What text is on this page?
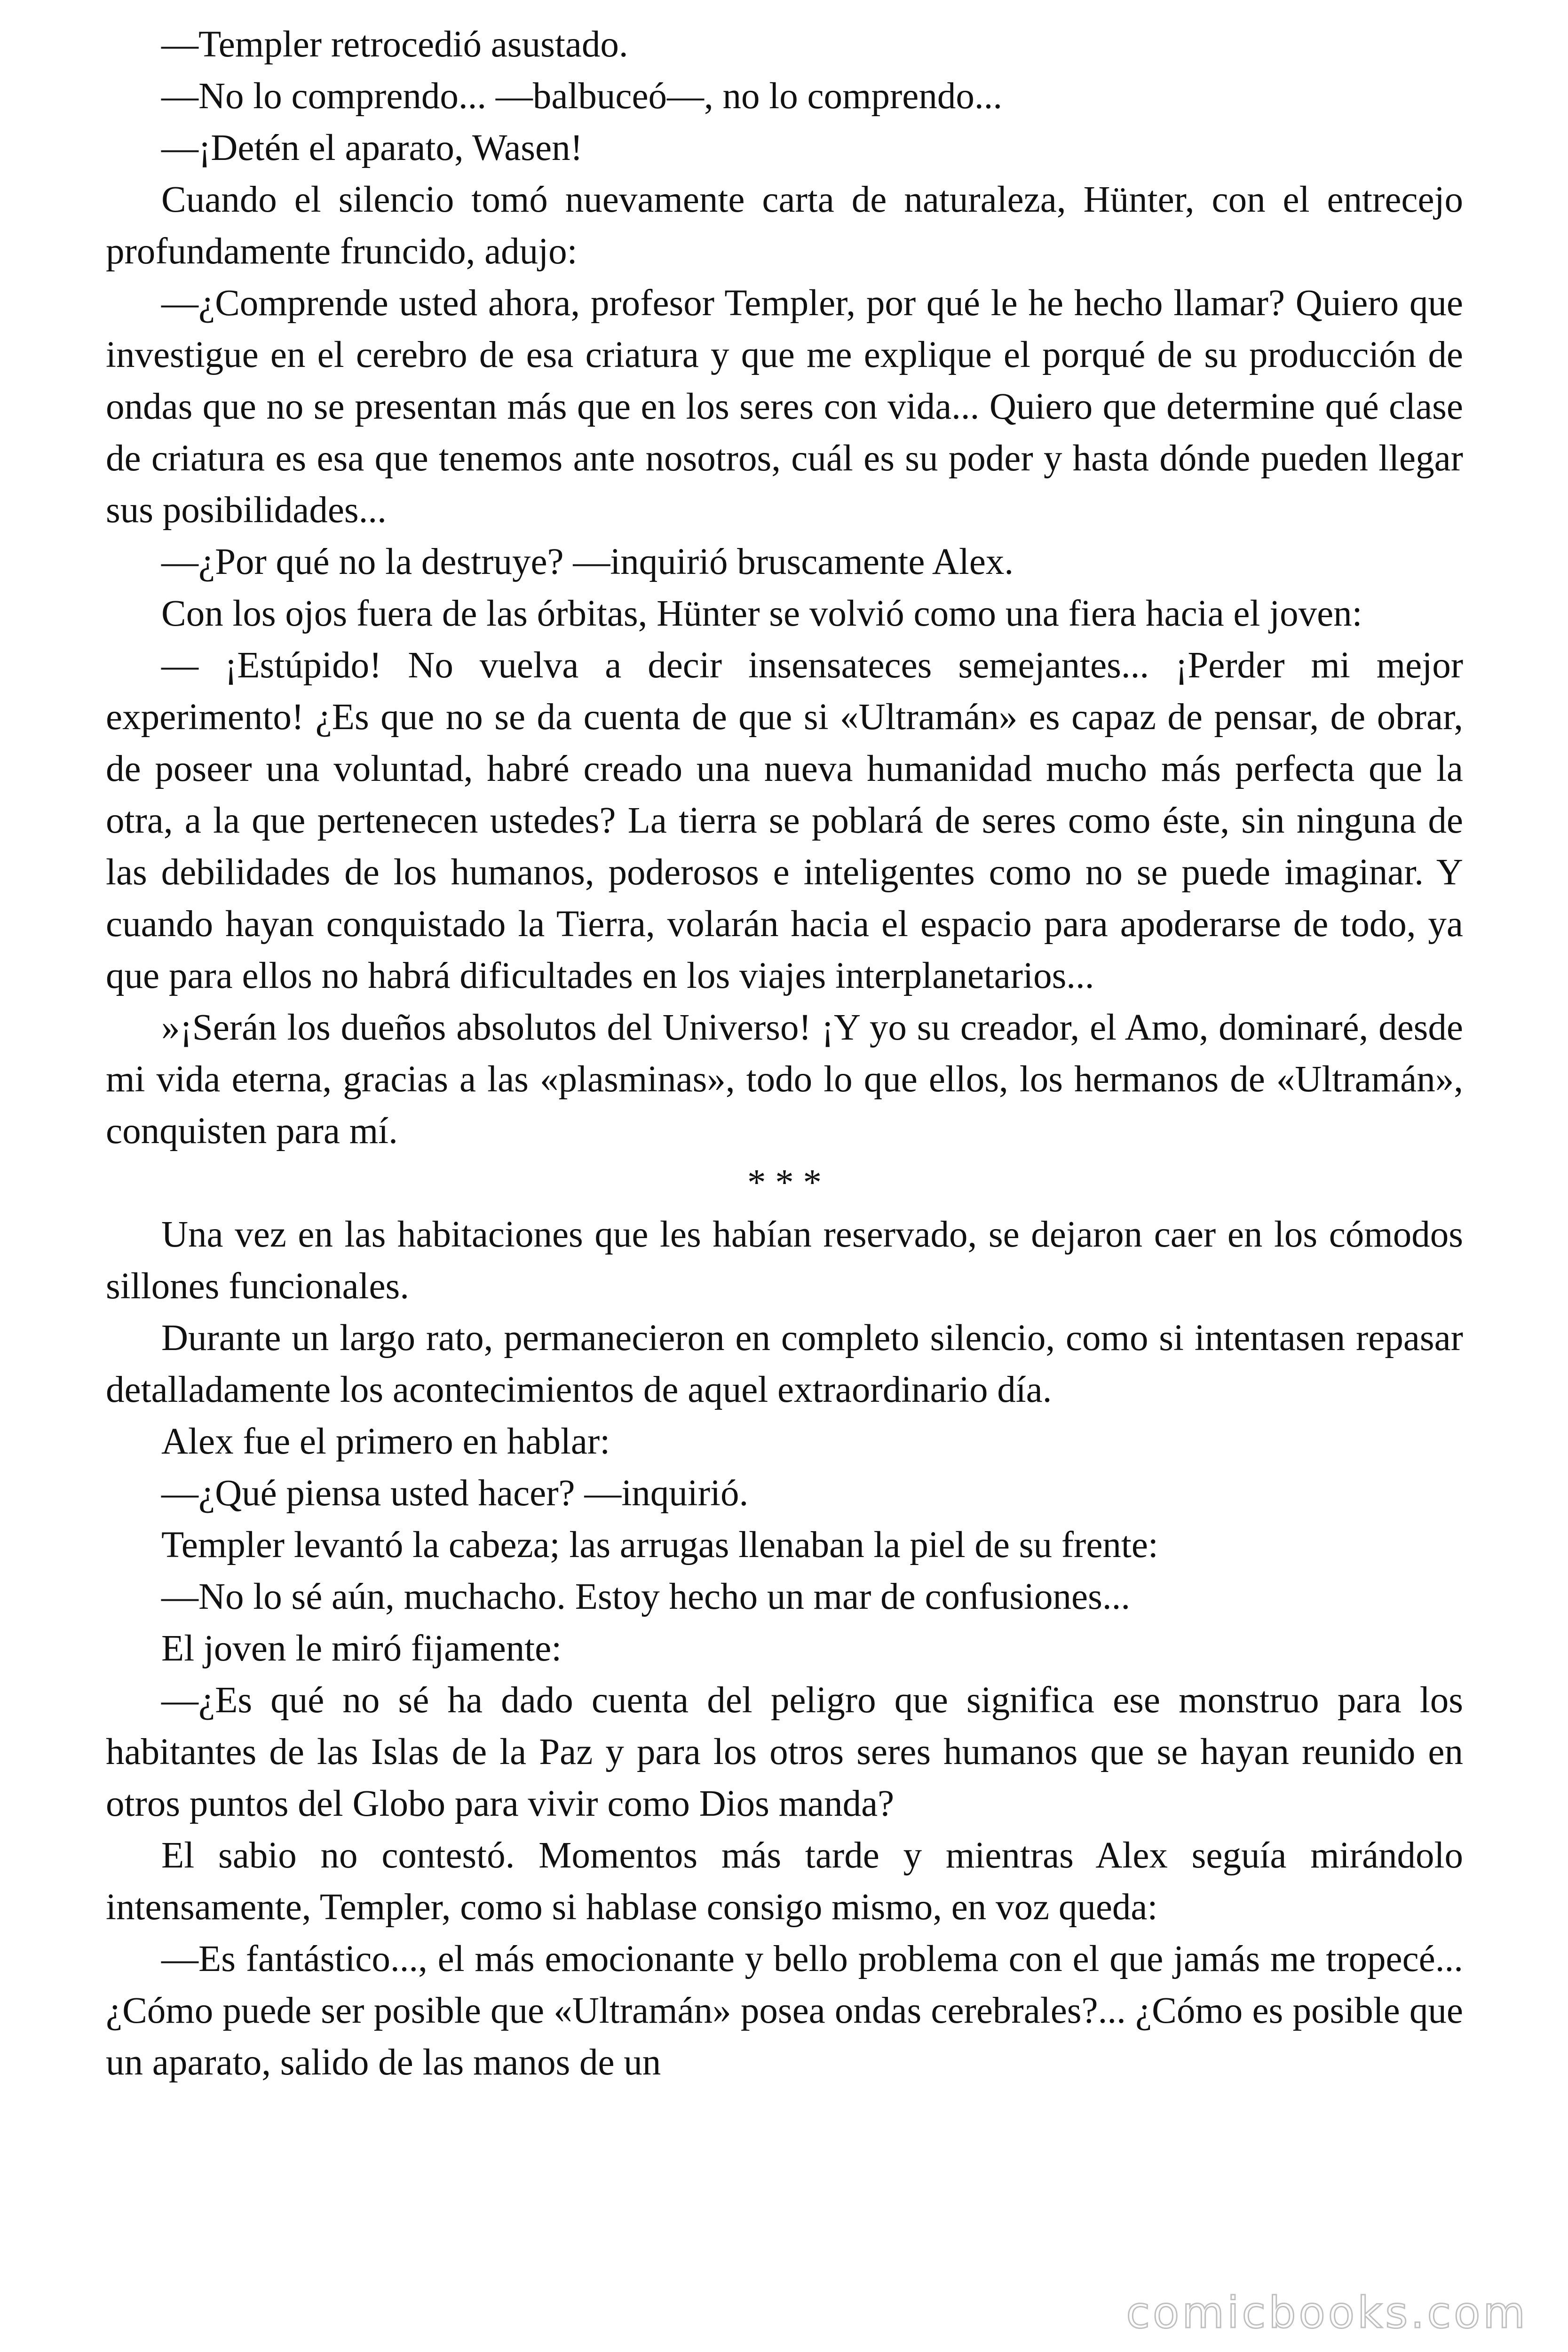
—Templer retrocedió asustado.

—No lo comprendo... —balbuceó—, no lo comprendo...

—¡Detén el aparato, Wasen!

Cuando el silencio tomó nuevamente carta de naturaleza, Hünter, con el entrecejo profundamente fruncido, adujo:

—¿Comprende usted ahora, profesor Templer, por qué le he hecho llamar? Quiero que investigue en el cerebro de esa criatura y que me explique el porqué de su producción de ondas que no se presentan más que en los seres con vida... Quiero que determine qué clase de criatura es esa que tenemos ante nosotros, cuál es su poder y hasta dónde pueden llegar sus posibilidades...

—¿Por qué no la destruye? —inquirió bruscamente Alex.

Con los ojos fuera de las órbitas, Hünter se volvió como una fiera hacia el joven:

— ¡Estúpido! No vuelva a decir insensateces semejantes... ¡Perder mi mejor experimento! ¿Es que no se da cuenta de que si «Ultramán» es capaz de pensar, de obrar, de poseer una voluntad, habré creado una nueva humanidad mucho más perfecta que la otra, a la que pertenecen ustedes? La tierra se poblará de seres como éste, sin ninguna de las debilidades de los humanos, poderosos e inteligentes como no se puede imaginar. Y cuando hayan conquistado la Tierra, volarán hacia el espacio para apoderarse de todo, ya que para ellos no habrá dificultades en los viajes interplanetarios...

»¡Serán los dueños absolutos del Universo! ¡Y yo su creador, el Amo, dominaré, desde mi vida eterna, gracias a las «plasminas», todo lo que ellos, los hermanos de «Ultramán», conquisten para mí.

* * *

Una vez en las habitaciones que les habían reservado, se dejaron caer en los cómodos sillones funcionales.

Durante un largo rato, permanecieron en completo silencio, como si intentasen repasar detalladamente los acontecimientos de aquel extraordinario día.

Alex fue el primero en hablar:

—¿Qué piensa usted hacer? —inquirió.

Templer levantó la cabeza; las arrugas llenaban la piel de su frente:

—No lo sé aún, muchacho. Estoy hecho un mar de confusiones...

El joven le miró fijamente:

—¿Es qué no sé ha dado cuenta del peligro que significa ese monstruo para los habitantes de las Islas de la Paz y para los otros seres humanos que se hayan reunido en otros puntos del Globo para vivir como Dios manda?

El sabio no contestó. Momentos más tarde y mientras Alex seguía mirándolo intensamente, Templer, como si hablase consigo mismo, en voz queda:

—Es fantástico..., el más emocionante y bello problema con el que jamás me tropecé... ¿Cómo puede ser posible que «Ultramán» posea ondas cerebrales?... ¿Cómo es posible que un aparato, salido de las manos de un

comicbooks.com
